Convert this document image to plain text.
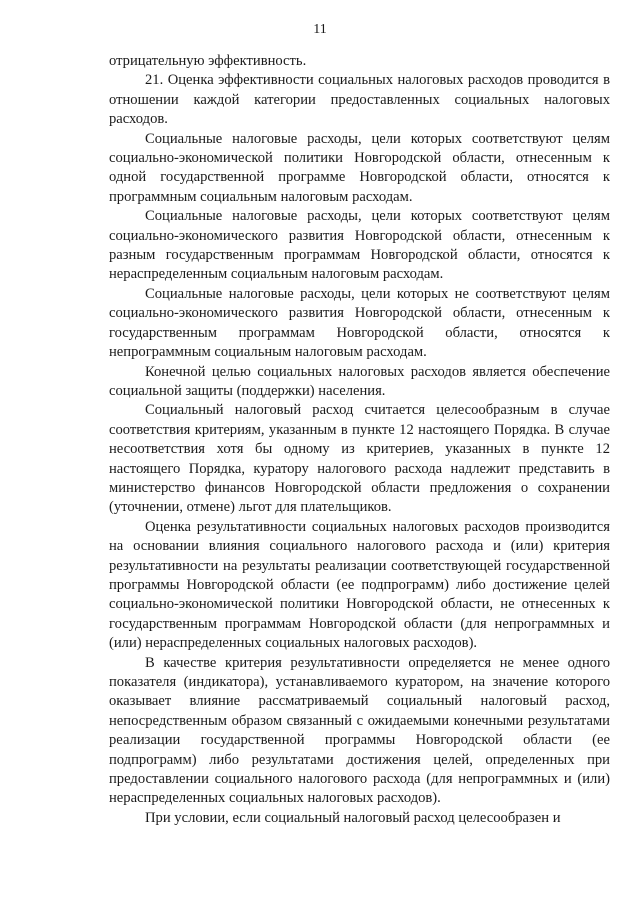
11

отрицательную эффективность.

21. Оценка эффективности социальных налоговых расходов проводится в отношении каждой категории предоставленных социальных налоговых расходов.

Социальные налоговые расходы, цели которых соответствуют целям социально-экономической политики Новгородской области, отнесенным к одной государственной программе Новгородской области, относятся к программным социальным налоговым расходам.

Социальные налоговые расходы, цели которых соответствуют целям социально-экономического развития Новгородской области, отнесенным к разным государственным программам Новгородской области, относятся к нераспределенным социальным налоговым расходам.

Социальные налоговые расходы, цели которых не соответствуют целям социально-экономического развития Новгородской области, отнесенным к государственным программам Новгородской области, относятся к непрограммным социальным налоговым расходам.

Конечной целью социальных налоговых расходов является обеспечение социальной защиты (поддержки) населения.

Социальный налоговый расход считается целесообразным в случае соответствия критериям, указанным в пункте 12 настоящего Порядка. В случае несоответствия хотя бы одному из критериев, указанных в пункте 12 настоящего Порядка, куратору налогового расхода надлежит представить в министерство финансов Новгородской области предложения о сохранении (уточнении, отмене) льгот для плательщиков.

Оценка результативности социальных налоговых расходов производится на основании влияния социального налогового расхода и (или) критерия результативности на результаты реализации соответствующей государственной программы Новгородской области (ее подпрограмм) либо достижение целей социально-экономической политики Новгородской области, не отнесенных к государственным программам Новгородской области (для непрограммных и (или) нераспределенных социальных налоговых расходов).

В качестве критерия результативности определяется не менее одного показателя (индикатора), устанавливаемого куратором, на значение которого оказывает влияние рассматриваемый социальный налоговый расход, непосредственным образом связанный с ожидаемыми конечными результатами реализации государственной программы Новгородской области (ее подпрограмм) либо результатами достижения целей, определенных при предоставлении социального налогового расхода (для непрограммных и (или) нераспределенных социальных налоговых расходов).

При условии, если социальный налоговый расход целесообразен и
